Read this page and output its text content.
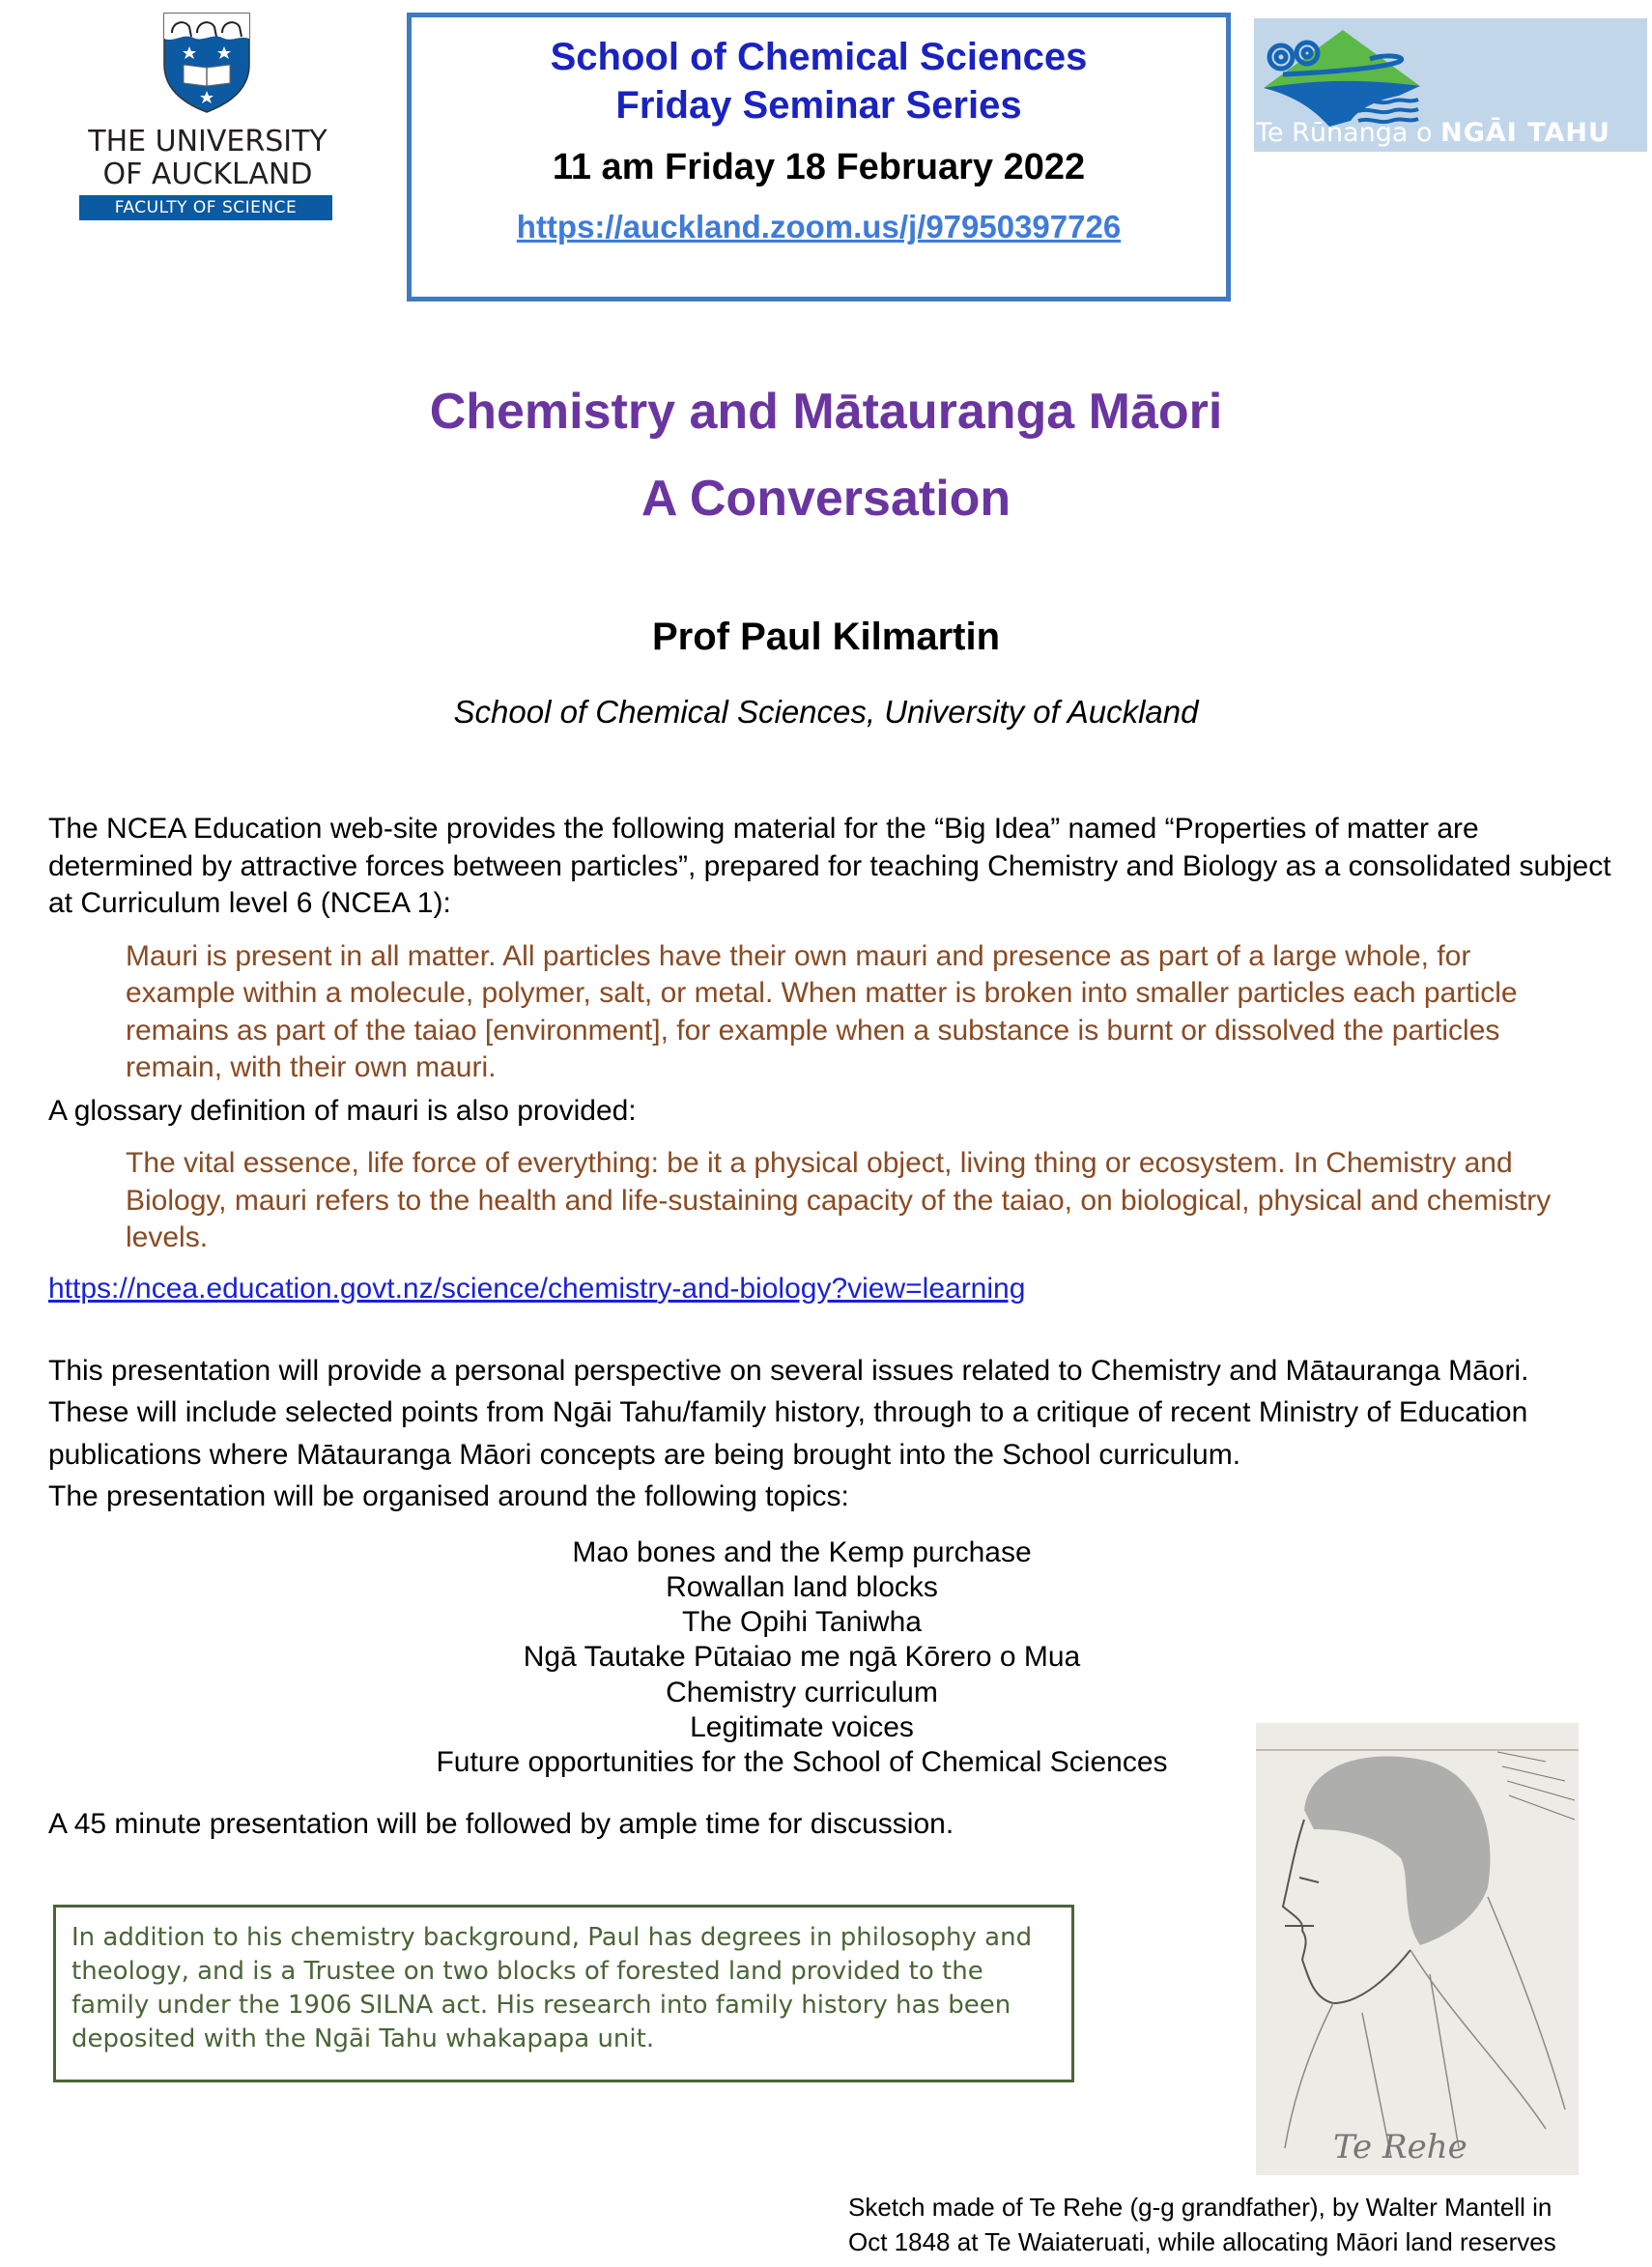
THE UNIVERSITY
OF AUCKLAND
FACULTY OF SCIENCE
School of Chemical Sciences
Friday Seminar Series
11 am Friday 18 February 2022
https://auckland.zoom.us/j/97950397726
Te Rūnanga o NGĀI TAHU
Chemistry and Mātauranga Māori
A Conversation
Prof Paul Kilmartin
School of Chemical Sciences, University of Auckland
The NCEA Education web-site provides the following material for the “Big Idea” named “Properties of matter are determined by attractive forces between particles”, prepared for teaching Chemistry and Biology as a consolidated subject at Curriculum level 6 (NCEA 1):
Mauri is present in all matter. All particles have their own mauri and presence as part of a large whole, for example within a molecule, polymer, salt, or metal. When matter is broken into smaller particles each particle remains as part of the taiao [environment], for example when a substance is burnt or dissolved the particles remain, with their own mauri.
A glossary definition of mauri is also provided:
The vital essence, life force of everything: be it a physical object, living thing or ecosystem. In Chemistry and Biology, mauri refers to the health and life-sustaining capacity of the taiao, on biological, physical and chemistry levels.
https://ncea.education.govt.nz/science/chemistry-and-biology?view=learning
This presentation will provide a personal perspective on several issues related to Chemistry and Mātauranga Māori. These will include selected points from Ngāi Tahu/family history, through to a critique of recent Ministry of Education publications where Mātauranga Māori concepts are being brought into the School curriculum.
The presentation will be organised around the following topics:
Mao bones and the Kemp purchase
Rowallan land blocks
The Opihi Taniwha
Ngā Tautake Pūtaiao me ngā Kōrero o Mua
Chemistry curriculum
Legitimate voices
Future opportunities for the School of Chemical Sciences
A 45 minute presentation will be followed by ample time for discussion.
In addition to his chemistry background, Paul has degrees in philosophy and theology, and is a Trustee on two blocks of forested land provided to the family under the 1906 SILNA act. His research into family history has been deposited with the Ngāi Tahu whakapapa unit.
Te Rehe
Sketch made of Te Rehe (g-g grandfather), by Walter Mantell in
Oct 1848 at Te Waiateruati, while allocating Māori land reserves
